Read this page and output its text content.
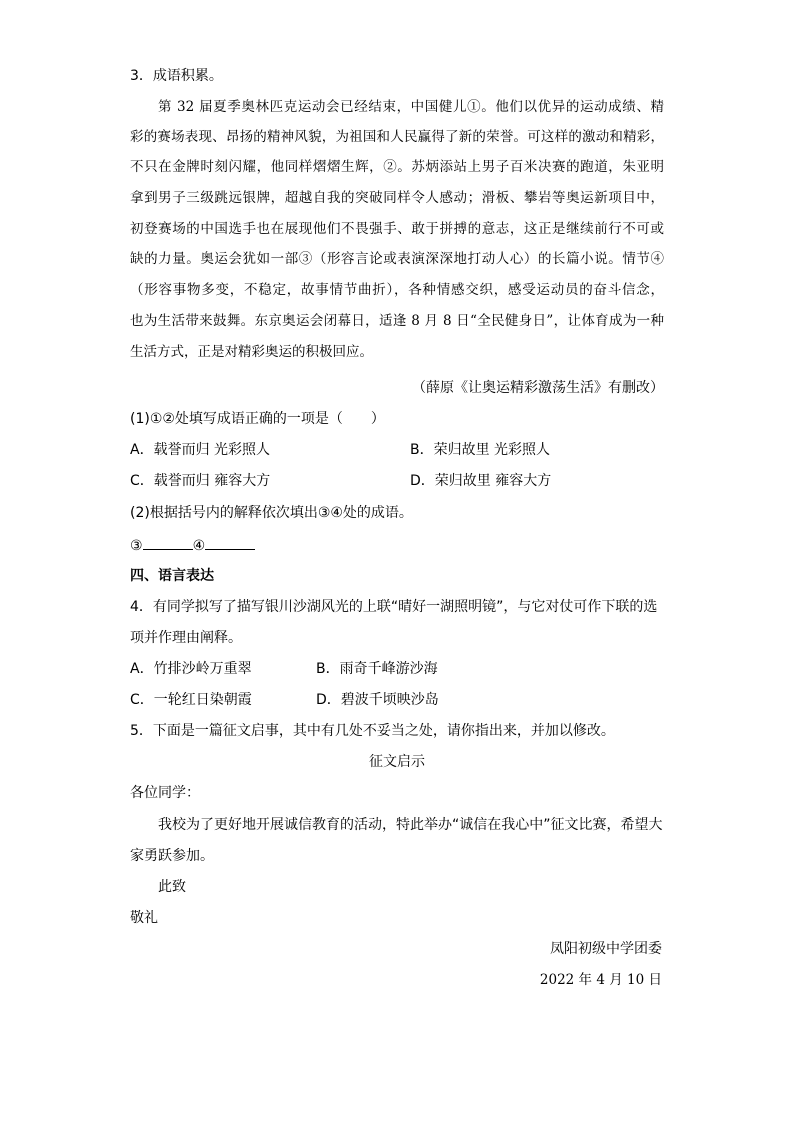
3．成语积累。
第 32 届夏季奥林匹克运动会已经结束，中国健儿①。他们以优异的运动成绩、精
彩的赛场表现、昂扬的精神风貌，为祖国和人民赢得了新的荣誉。可这样的激动和精彩，
不只在金牌时刻闪耀，他同样熠熠生辉，②。苏炳添站上男子百米决赛的跑道，朱亚明
拿到男子三级跳远银牌，超越自我的突破同样令人感动；滑板、攀岩等奥运新项目中，
初登赛场的中国选手也在展现他们不畏强手、敢于拼搏的意志，这正是继续前行不可或
缺的力量。奥运会犹如一部③（形容言论或表演深深地打动人心）的长篇小说。情节④
（形容事物多变，不稳定，故事情节曲折），各种情感交织，感受运动员的奋斗信念，
也为生活带来鼓舞。东京奥运会闭幕日，适逢 8 月 8 日“全民健身日”，让体育成为一种
生活方式，正是对精彩奥运的积极回应。
（薛原《让奥运精彩激荡生活》有删改）
(1)①②处填写成语正确的一项是（　　）
A．载誉而归 光彩照人	B．荣归故里 光彩照人
C．载誉而归 雍容大方	D．荣归故里 雍容大方
(2)根据括号内的解释依次填出③④处的成语。
③	④
四、语言表达
4．有同学拟写了描写银川沙湖风光的上联“晴好一湖照明镜”，与它对仗可作下联的选
项并作理由阐释。
A．竹排沙岭万重翠	B．雨奇千峰游沙海
C．一轮红日染朝霞	D．碧波千顷映沙岛
5．下面是一篇征文启事，其中有几处不妥当之处，请你指出来，并加以修改。
征文启示
各位同学：
我校为了更好地开展诚信教育的活动，特此举办“诚信在我心中”征文比赛，希望大
家勇跃参加。
此致
敬礼
凤阳初级中学团委
2022 年 4 月 10 日
